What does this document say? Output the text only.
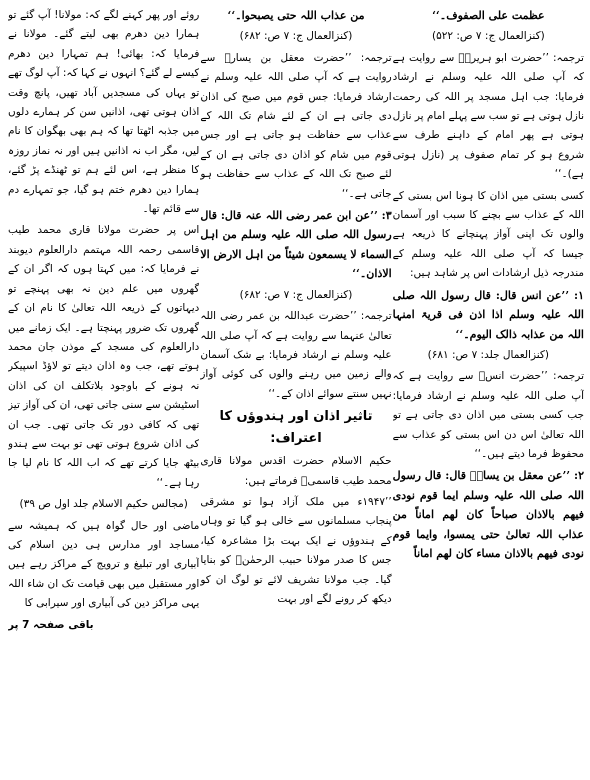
عظمت علی الصفوف۔‘‘

(کنزالعمال ج: ۷ ص: ۵۲۲)

ترجمہ: ’’حضرت ابو ہریرہؓ سے روایت ہے کہ آپ صلی اللہ علیہ وسلم نے ارشاد فرمایا: جب اہل مسجد پر اللہ کی رحمت نازل ہوتی ہے تو سب سے پہلے امام پر نازل ہوتی ہے پھر امام کے داہنے طرف سے شروع ہو کر تمام صفوف پر (نازل ہوتی ہے)۔‘‘

کسی بستی میں اذان کا ہونا اس بستی کے اللہ کے عذاب سے بچنے کا سبب اور آسمان والوں تک اپنی آواز پہنچانے کا ذریعہ ہے جیسا کہ آپ صلی اللہ علیہ وسلم کے مندرجہ ذیل ارشادات اس پر شاہد ہیں:

۱: ’’عن انس قال: قال رسول اللہ صلی اللہ علیہ وسلم اذا اذن فی قریۃ امنہا اللہ من عذابہ ذالک الیوم۔‘‘

(کنزالعمال جلد: ۷ ص: ۶۸۱)

ترجمہ: ’’حضرت انسؓ سے روایت ہے کہ آپ صلی اللہ علیہ وسلم نے ارشاد فرمایا: جب کسی بستی میں اذان دی جاتی ہے تو اللہ تعالیٰ اس دن اس بستی کو عذاب سے محفوظ فرما دیتے ہیں۔‘‘

۲: ’’عن معقل بن یسارؓ قال: قال رسول اللہ صلی اللہ علیہ وسلم ایما قوم نودی فیھم بالاذان صباحاً کان لھم اماناً من عذاب اللہ تعالیٰ حتی یمسوا، وایما قوم نودی فیھم بالاذان مساء کان لھم اماناً

من عذاب اللہ حتی یصبحوا۔‘‘

(کنزالعمال ج: ۷ ص: ۶۸۲)

ترجمہ: ’’حضرت معقل بن یسارؓ سے روایت ہے کہ آپ صلی اللہ علیہ وسلم نے ارشاد فرمایا: جس قوم میں صبح کی اذان دی جاتی ہے ان کے لئے شام تک اللہ کے عذاب سے حفاظت ہو جاتی ہے اور جس قوم میں شام کو اذان دی جاتی ہے ان کے لئے صبح تک اللہ کے عذاب سے حفاظت ہو جاتی ہے۔‘‘

۳: ’’عن ابن عمر رضی اللہ عنہ قال: قال رسول اللہ صلی اللہ علیہ وسلم من اہل السماء لا یسمعون شیئاً من اہل الارض الا الاذان۔‘‘

(کنزالعمال ج: ۷ ص: ۶۸۲)

ترجمہ: ’’حضرت عبداللہ بن عمر رضی اللہ تعالیٰ عنہما سے روایت ہے کہ آپ صلی اللہ علیہ وسلم نے ارشاد فرمایا: بے شک آسمان والے زمین میں رہنے والوں کی کوئی آواز نہیں سنتے سوائے اذان کے۔‘‘

تاثیر اذان اور ہندوؤں کا اعتراف:

حکیم الاسلام حضرت اقدس مولانا قاری محمد طیب قاسمیؒ فرماتے ہیں:

’’۱۹۴۷ء میں ملک آزاد ہوا تو مشرقی پنجاب مسلمانوں سے خالی ہو گیا تو وہاں کے ہندوؤں نے ایک بہت بڑا مشاعرہ کیا، جس کا صدر مولانا حبیب الرحمٰنؒ کو بنایا گیا۔ جب مولانا تشریف لائے تو لوگ ان کو دیکھ کر رونے لگے اور بہت

روئے اور پھر کہنے لگے کہ: مولانا! آپ گئے تو ہمارا دین دھرم بھی لیتے گئے۔ مولانا نے فرمایا کہ: بھائی! ہم تمہارا دین دھرم کیسے لے گئے؟ انہوں نے کہا کہ: آپ لوگ تھے تو یہاں کی مسجدیں آباد تھیں، پانچ وقت اذان ہوتی تھی، اذانیں سن کر ہمارے دلوں میں جذبہ اٹھتا تھا کہ ہم بھی بھگوان کا نام لیں، مگر اب نہ اذانیں ہیں اور نہ نماز روزہ کا منظر ہے، اس لئے ہم تو ٹھنڈے پڑ گئے، ہمارا دین دھرم ختم ہو گیا، جو تمہارے دم سے قائم تھا۔

اس پر حضرت مولانا قاری محمد طیب قاسمی رحمہ اللہ مہتمم دارالعلوم دیوبند نے فرمایا کہ: میں کہتا ہوں کہ اگر ان کے گھروں میں علم دین نہ بھی پہنچے تو دیہاتوں کے ذریعہ اللہ تعالیٰ کا نام ان کے گھروں تک ضرور پہنچتا ہے۔ ایک زمانے میں دارالعلوم کی مسجد کے موذن جان محمد ہوتے تھے، جب وہ اذان دیتے تو لاؤڈ اسپیکر نہ ہونے کے باوجود بلاتکلف ان کی اذان اسٹیشن سے سنی جاتی تھی، ان کی آواز تیز تھی کہ کافی دور تک جاتی تھی۔ جب ان کی اذان شروع ہوتی تھی تو بہت سے ہندو بیٹھ جایا کرتے تھے کہ اب اللہ کا نام لیا جا رہا ہے۔‘‘

(مجالس حکیم الاسلام جلد اول ص ۳۹)

ماضی اور حال گواہ ہیں کہ ہمیشہ سے مساجد اور مدارس ہی دین اسلام کی آبیاری اور تبلیغ و ترویج کے مراکز رہے ہیں اور مستقبل میں بھی قیامت تک ان شاء اللہ یہی مراکز دین کی آبیاری اور سیرابی کا

باقی صفحہ 7 پر
